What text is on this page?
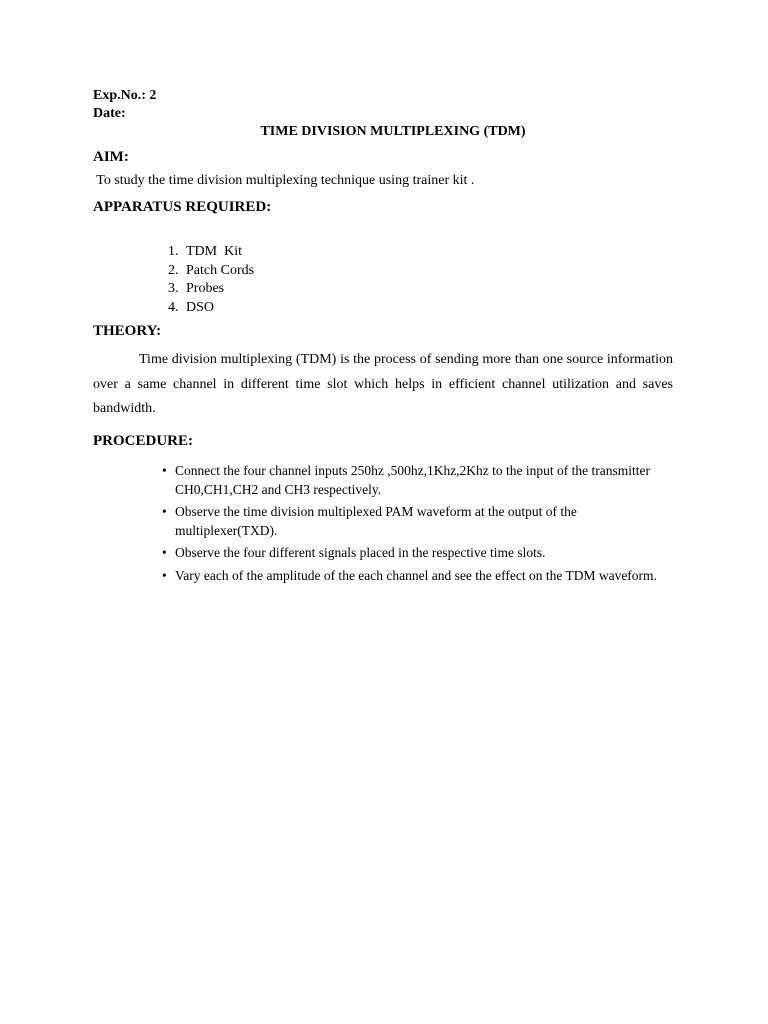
Exp.No.: 2

Date:

TIME DIVISION MULTIPLEXING (TDM)

AIM:

To study the time division multiplexing technique using trainer kit .

APPARATUS REQUIRED:

1. TDM  Kit
2. Patch Cords
3. Probes
4. DSO

THEORY:

Time division multiplexing (TDM) is the process of sending more than one source information over a same channel in different time slot which helps in efficient channel utilization and saves bandwidth.

PROCEDURE:

• Connect the four channel inputs 250hz ,500hz,1Khz,2Khz to the input of the transmitter CH0,CH1,CH2 and CH3 respectively.
• Observe the time division multiplexed PAM waveform at the output of the multiplexer(TXD).
• Observe the four different signals placed in the respective time slots.
• Vary each of the amplitude of the each channel and see the effect on the TDM waveform.
